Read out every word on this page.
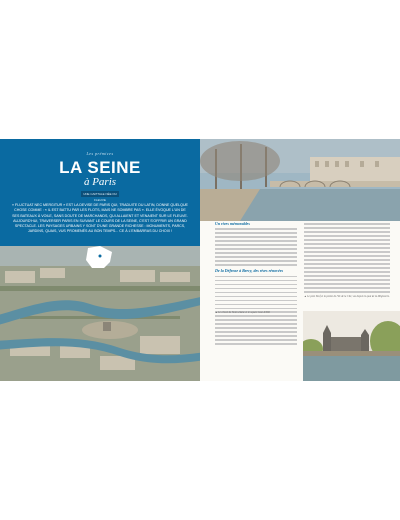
Les prémices
LA SEINE
à Paris
UNE CAPITALE NÉE DU FLEUVE
« FLUCTUAT NEC MERGITUR » EST LA DEVISE DE PARIS QUI, TRADUITE DU LATIN, DONNE QUELQUE CHOSE COMME : « IL EST BATTU PAR LES FLOTS, MAIS NE SOMBRE PAS ». ELLE ÉVOQUE L'UN DE SES BATEAUX À VOILE, SANS DOUTE DE MARCHANDS, QUI ALLAIENT ET VENAIENT SUR LE FLEUVE. AUJOURD'HUI, TRAVERSER PARIS EN SUIVANT LE COURS DE LA SEINE, C'EST S'OFFRIR UN GRAND SPECTACLE. LES PAYSAGES URBAINS Y SONT D'UNE GRANDE RICHESSE : MONUMENTS, PARCS, JARDINS, QUAIS, VUS PROMENÉS AU BON TEMPS... CE À L'EMBARRAS DU CHOIX !

Un rives mémorables

De la Défense à Bercy, des rives rénovées

▲ Le pont Neuf et la pointe de l'île de la Cité, vus depuis le quai de la Mégisserie.

▲ Le chevet de Notre-Dame et le square Jean-XXIII.
